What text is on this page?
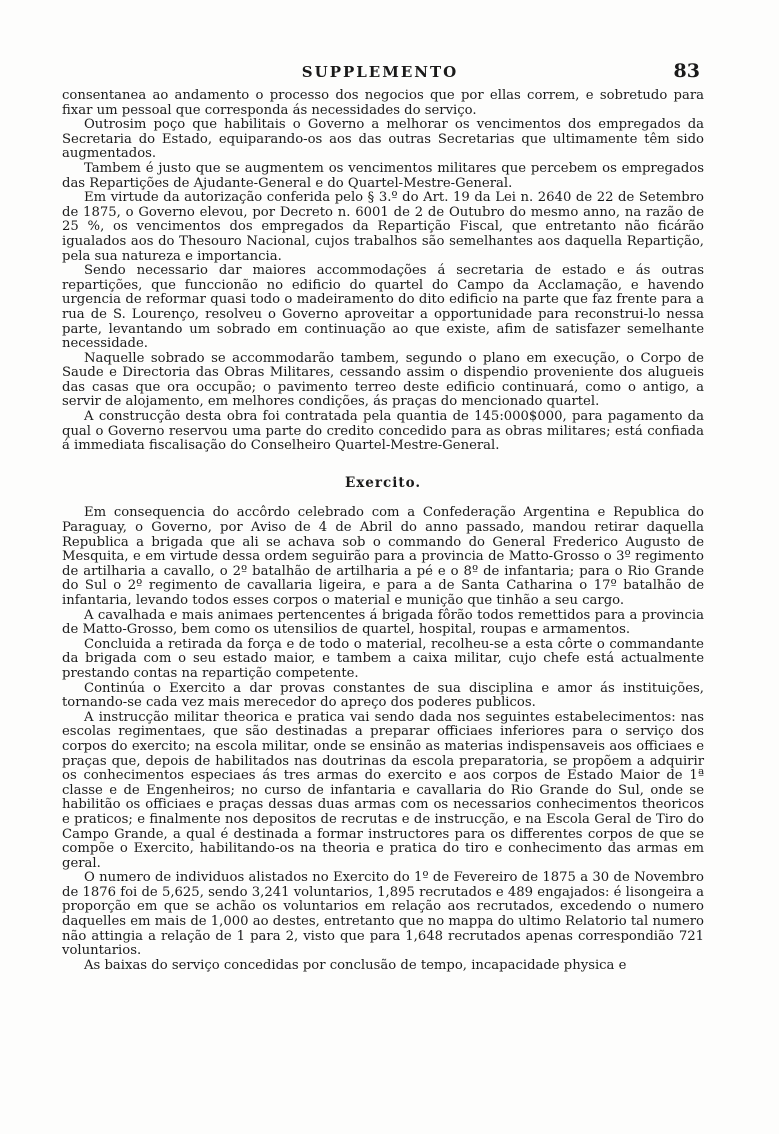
SUPPLEMENTO	83

consentanea ao andamento o processo dos negocios que por ellas correm, e sobretudo para fixar um pessoal que corresponda ás necessidades do serviço.

Outrosim poço que habilitais o Governo a melhorar os vencimentos dos empregados da Secretaria do Estado, equiparando-os aos das outras Secretarias que ultimamente têm sido augmentados.

Tambem é justo que se augmentem os vencimentos militares que percebem os empregados das Repartições de Ajudante-General e do Quartel-Mestre-General.

Em virtude da autorização conferida pelo § 3.º do Art. 19 da Lei n. 2640 de 22 de Setembro de 1875, o Governo elevou, por Decreto n. 6001 de 2 de Outubro do mesmo anno, na razão de 25 %, os vencimentos dos empregados da Repartição Fiscal, que entretanto não ficárão igualados aos do Thesouro Nacional, cujos trabalhos são semelhantes aos daquella Repartição, pela sua natureza e importancia.

Sendo necessario dar maiores accommodações á secretaria de estado e ás outras repartições, que funccionão no edificio do quartel do Campo da Acclamação, e havendo urgencia de reformar quasi todo o madeiramento do dito edificio na parte que faz frente para a rua de S. Lourenço, resolveu o Governo aproveitar a opportunidade para reconstrui-lo nessa parte, levantando um sobrado em continuação ao que existe, afim de satisfazer semelhante necessidade.

Naquelle sobrado se accommodarão tambem, segundo o plano em execução, o Corpo de Saude e Directoria das Obras Militares, cessando assim o dispendio proveniente dos alugueis das casas que ora occupão; o pavimento terreo deste edificio continuará, como o antigo, a servir de alojamento, em melhores condições, ás praças do mencionado quartel.

A construcção desta obra foi contratada pela quantia de 145:000$000, para pagamento da qual o Governo reservou uma parte do credito concedido para as obras militares; está confiada á immediata fiscalisação do Conselheiro Quartel-Mestre-General.

Exercito.

Em consequencia do accôrdo celebrado com a Confederação Argentina e Republica do Paraguay, o Governo, por Aviso de 4 de Abril do anno passado, mandou retirar daquella Republica a brigada que ali se achava sob o commando do General Frederico Augusto de Mesquita, e em virtude dessa ordem seguirão para a provincia de Matto-Grosso o 3º regimento de artilharia a cavallo, o 2º batalhão de artilharia a pé e o 8º de infantaria; para o Rio Grande do Sul o 2º regimento de cavallaria ligeira, e para a de Santa Catharina o 17º batalhão de infantaria, levando todos esses corpos o material e munição que tinhão a seu cargo.

A cavalhada e mais animaes pertencentes á brigada fôrão todos remettidos para a provincia de Matto-Grosso, bem como os utensilios de quartel, hospital, roupas e armamentos.

Concluida a retirada da força e de todo o material, recolheu-se a esta côrte o commandante da brigada com o seu estado maior, e tambem a caixa militar, cujo chefe está actualmente prestando contas na repartição competente.

Continúa o Exercito a dar provas constantes de sua disciplina e amor ás instituições, tornando-se cada vez mais merecedor do apreço dos poderes publicos.

A instrucção militar theorica e pratica vai sendo dada nos seguintes estabelecimentos: nas escolas regimentaes, que são destinadas a preparar officiaes inferiores para o serviço dos corpos do exercito; na escola militar, onde se ensinão as materias indispensaveis aos officiaes e praças que, depois de habilitados nas doutrinas da escola preparatoria, se propõem a adquirir os conhecimentos especiaes ás tres armas do exercito e aos corpos de Estado Maior de 1ª classe e de Engenheiros; no curso de infantaria e cavallaria do Rio Grande do Sul, onde se habilitão os officiaes e praças dessas duas armas com os necessarios conhecimentos theoricos e praticos; e finalmente nos depositos de recrutas e de instrucção, e na Escola Geral de Tiro do Campo Grande, a qual é destinada a formar instructores para os differentes corpos de que se compõe o Exercito, habilitando-os na theoria e pratica do tiro e conhecimento das armas em geral.

O numero de individuos alistados no Exercito do 1º de Fevereiro de 1875 a 30 de Novembro de 1876 foi de 5,625, sendo 3,241 voluntarios, 1,895 recrutados e 489 engajados: é lisongeira a proporção em que se achão os voluntarios em relação aos recrutados, excedendo o numero daquelles em mais de 1,000 ao destes, entretanto que no mappa do ultimo Relatorio tal numero não attingia a relação de 1 para 2, visto que para 1,648 recrutados apenas correspondião 721 voluntarios.

As baixas do serviço concedidas por conclusão de tempo, incapacidade physica e
